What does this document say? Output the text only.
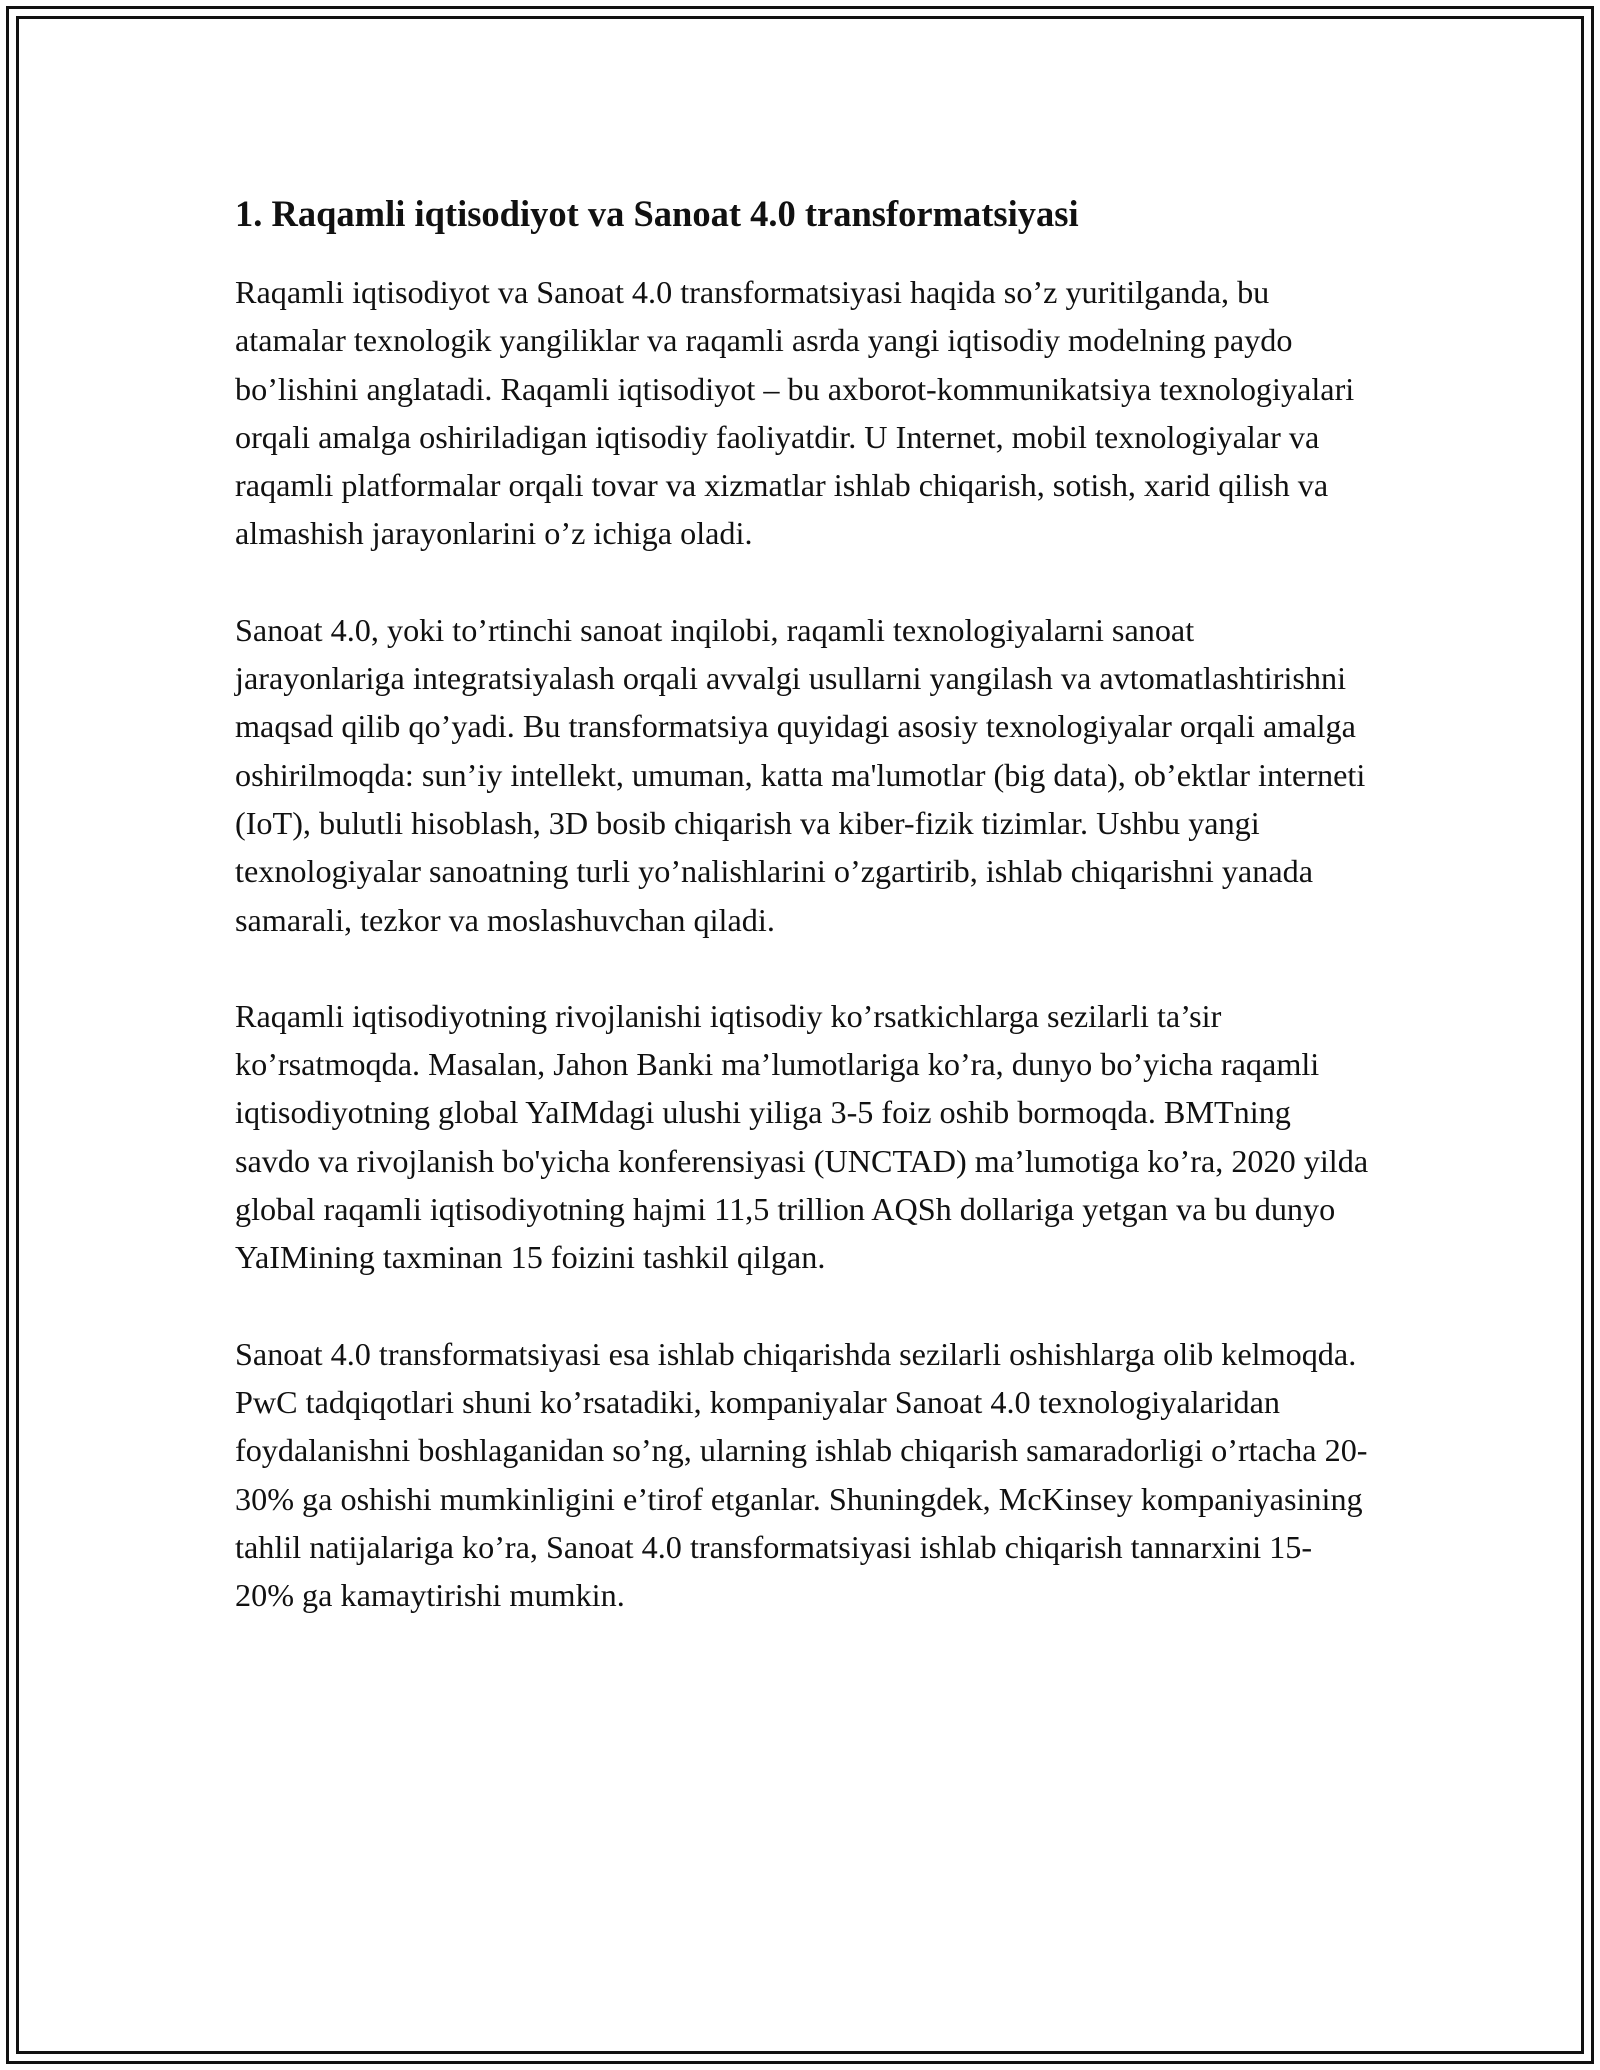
1. Raqamli iqtisodiyot va Sanoat 4.0 transformatsiyasi

Raqamli iqtisodiyot va Sanoat 4.0 transformatsiyasi haqida so’z yuritilganda, bu atamalar texnologik yangiliklar va raqamli asrda yangi iqtisodiy modelning paydo bo’lishini anglatadi. Raqamli iqtisodiyot – bu axborot-kommunikatsiya texnologiyalari orqali amalga oshiriladigan iqtisodiy faoliyatdir. U Internet, mobil texnologiyalar va raqamli platformalar orqali tovar va xizmatlar ishlab chiqarish, sotish, xarid qilish va almashish jarayonlarini o’z ichiga oladi.

Sanoat 4.0, yoki to’rtinchi sanoat inqilobi, raqamli texnologiyalarni sanoat jarayonlariga integratsiyalash orqali avvalgi usullarni yangilash va avtomatlashtirishni maqsad qilib qo’yadi. Bu transformatsiya quyidagi asosiy texnologiyalar orqali amalga oshirilmoqda: sun’iy intellekt, umuman, katta ma'lumotlar (big data), ob’ektlar interneti (IoT), bulutli hisoblash, 3D bosib chiqarish va kiber-fizik tizimlar. Ushbu yangi texnologiyalar sanoatning turli yo’nalishlarini o’zgartirib, ishlab chiqarishni yanada samarali, tezkor va moslashuvchan qiladi.

Raqamli iqtisodiyotning rivojlanishi iqtisodiy ko’rsatkichlarga sezilarli ta’sir ko’rsatmoqda. Masalan, Jahon Banki ma’lumotlariga ko’ra, dunyo bo’yicha raqamli iqtisodiyotning global YaIMdagi ulushi yiliga 3-5 foiz oshib bormoqda. BMTning savdo va rivojlanish bo'yicha konferensiyasi (UNCTAD) ma’lumotiga ko’ra, 2020 yilda global raqamli iqtisodiyotning hajmi 11,5 trillion AQSh dollariga yetgan va bu dunyo YaIMining taxminan 15 foizini tashkil qilgan.

Sanoat 4.0 transformatsiyasi esa ishlab chiqarishda sezilarli oshishlarga olib kelmoqda. PwC tadqiqotlari shuni ko’rsatadiki, kompaniyalar Sanoat 4.0 texnologiyalaridan foydalanishni boshlaganidan so’ng, ularning ishlab chiqarish samaradorligi o’rtacha 20-30% ga oshishi mumkinligini e’tirof etganlar. Shuningdek, McKinsey kompaniyasining tahlil natijalariga ko’ra, Sanoat 4.0 transformatsiyasi ishlab chiqarish tannarxini 15-20% ga kamaytirishi mumkin.
